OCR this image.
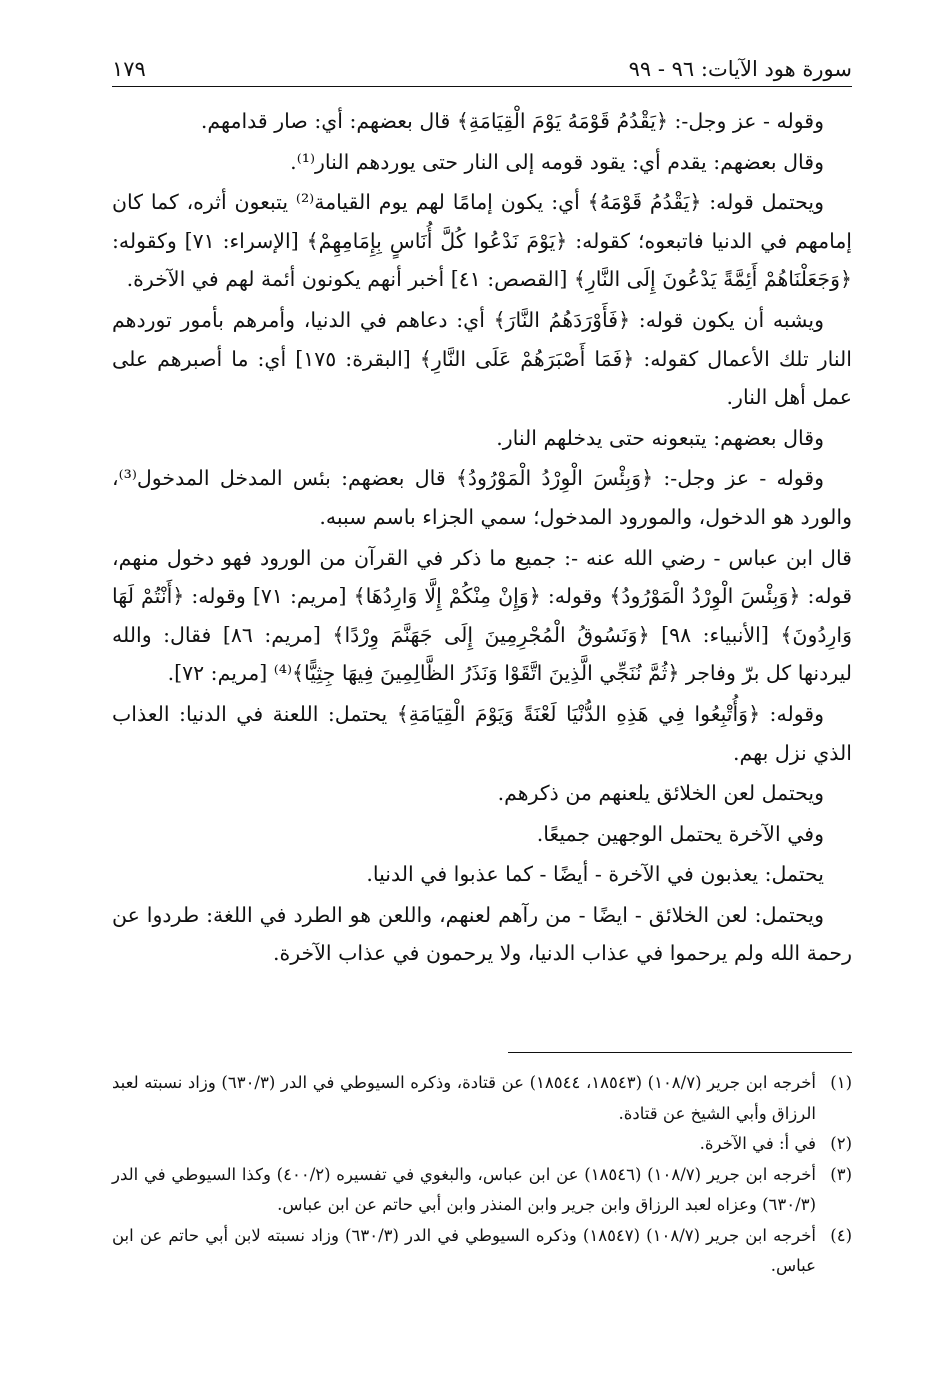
سورة هود الآيات: ٩٦ - ٩٩
١٧٩

وقوله - عز وجل-: ﴿يَقْدُمُ قَوْمَهُ يَوْمَ الْقِيَامَةِ﴾ قال بعضهم: أي: صار قدامهم.

وقال بعضهم: يقدم أي: يقود قومه إلى النار حتى يوردهم النار⁽¹⁾.

ويحتمل قوله: ﴿يَقْدُمُ قَوْمَهُ﴾ أي: يكون إمامًا لهم يوم القيامة⁽²⁾ يتبعون أثره، كما كان إمامهم في الدنيا فاتبعوه؛ كقوله: ﴿يَوْمَ نَدْعُوا كُلَّ أُنَاسٍ بِإِمَامِهِمْ﴾ [الإسراء: ٧١] وكقوله: ﴿وَجَعَلْنَاهُمْ أَئِمَّةً يَدْعُونَ إِلَى النَّارِ﴾ [القصص: ٤١] أخبر أنهم يكونون أئمة لهم في الآخرة.

ويشبه أن يكون قوله: ﴿فَأَوْرَدَهُمُ النَّارَ﴾ أي: دعاهم في الدنيا، وأمرهم بأمور توردهم النار تلك الأعمال كقوله: ﴿فَمَا أَصْبَرَهُمْ عَلَى النَّارِ﴾ [البقرة: ١٧٥] أي: ما أصبرهم على عمل أهل النار.

وقال بعضهم: يتبعونه حتى يدخلهم النار.

وقوله - عز وجل-: ﴿وَبِئْسَ الْوِرْدُ الْمَوْرُودُ﴾ قال بعضهم: بئس المدخل المدخول⁽³⁾، والورد هو الدخول، والمورود المدخول؛ سمي الجزاء باسم سببه.

قال ابن عباس - رضي الله عنه -: جميع ما ذكر في القرآن من الورود فهو دخول منهم، قوله: ﴿وَبِئْسَ الْوِرْدُ الْمَوْرُودُ﴾ وقوله: ﴿وَإِنْ مِنْكُمْ إِلَّا وَارِدُهَا﴾ [مريم: ٧١] وقوله: ﴿أَنْتُمْ لَهَا وَارِدُونَ﴾ [الأنبياء: ٩٨] ﴿وَنَسُوقُ الْمُجْرِمِينَ إِلَى جَهَنَّمَ وِرْدًا﴾ [مريم: ٨٦] فقال: والله ليردنها كل برّ وفاجر ﴿ثُمَّ نُنَجِّي الَّذِينَ اتَّقَوْا وَنَذَرُ الظَّالِمِينَ فِيهَا جِثِيًّا﴾⁽⁴⁾ [مريم: ٧٢].

وقوله: ﴿وَأُتْبِعُوا فِي هَذِهِ الدُّنْيَا لَعْنَةً وَيَوْمَ الْقِيَامَةِ﴾ يحتمل: اللعنة في الدنيا: العذاب الذي نزل بهم.

ويحتمل لعن الخلائق يلعنهم من ذكرهم.

وفي الآخرة يحتمل الوجهين جميعًا.

يحتمل: يعذبون في الآخرة - أيضًا - كما عذبوا في الدنيا.

ويحتمل: لعن الخلائق - ايضًا - من رآهم لعنهم، واللعن هو الطرد في اللغة: طردوا عن رحمة الله ولم يرحموا في عذاب الدنيا، ولا يرحمون في عذاب الآخرة.

(١)
أخرجه ابن جرير (١٠٨/٧) (١٨٥٤٣، ١٨٥٤٤) عن قتادة، وذكره السيوطي في الدر (٦٣٠/٣) وزاد نسبته لعبد الرزاق وأبي الشيخ عن قتادة.
(٢)
في أ: في الآخرة.
(٣)
أخرجه ابن جرير (١٠٨/٧) (١٨٥٤٦) عن ابن عباس، والبغوي في تفسيره (٤٠٠/٢) وكذا السيوطي في الدر (٦٣٠/٣) وعزاه لعبد الرزاق وابن جرير وابن المنذر وابن أبي حاتم عن ابن عباس.
(٤)
أخرجه ابن جرير (١٠٨/٧) (١٨٥٤٧) وذكره السيوطي في الدر (٦٣٠/٣) وزاد نسبته لابن أبي حاتم عن ابن عباس.
